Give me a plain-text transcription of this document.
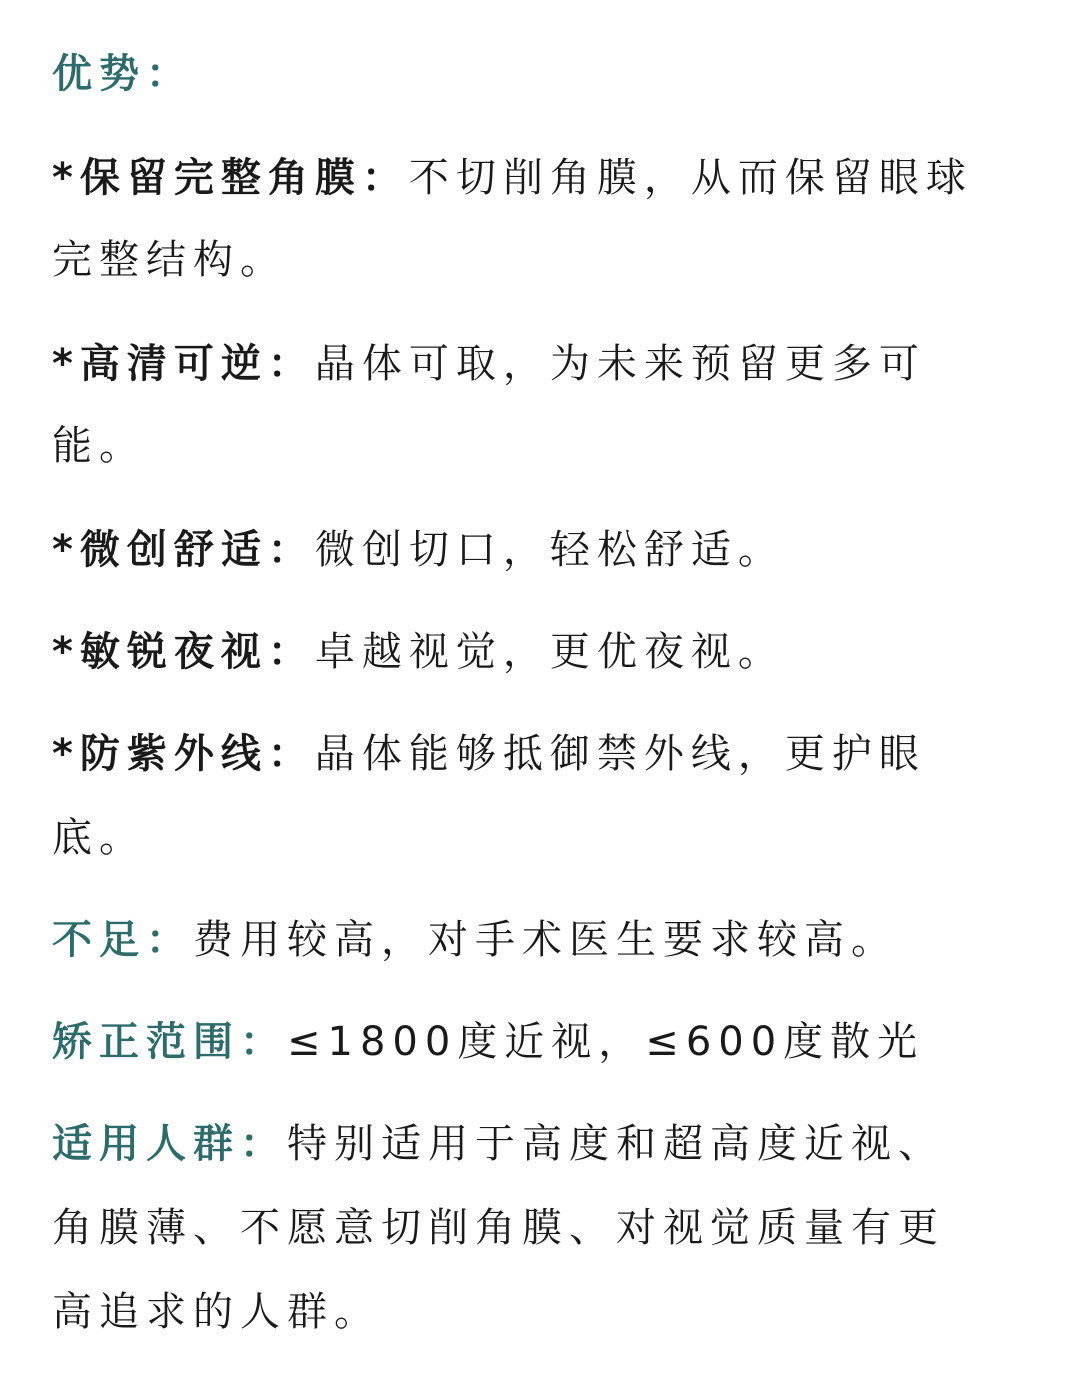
优势：
*保留完整角膜：不切削角膜，从而保留眼球
完整结构。
*高清可逆：晶体可取，为未来预留更多可
能。
*微创舒适：微创切口，轻松舒适。
*敏锐夜视：卓越视觉，更优夜视。
*防紫外线：晶体能够抵御禁外线，更护眼
底。
不足：费用较高，对手术医生要求较高。
矫正范围：≤1800度近视，≤600度散光
适用人群：特别适用于高度和超高度近视、
角膜薄、不愿意切削角膜、对视觉质量有更
高追求的人群。
